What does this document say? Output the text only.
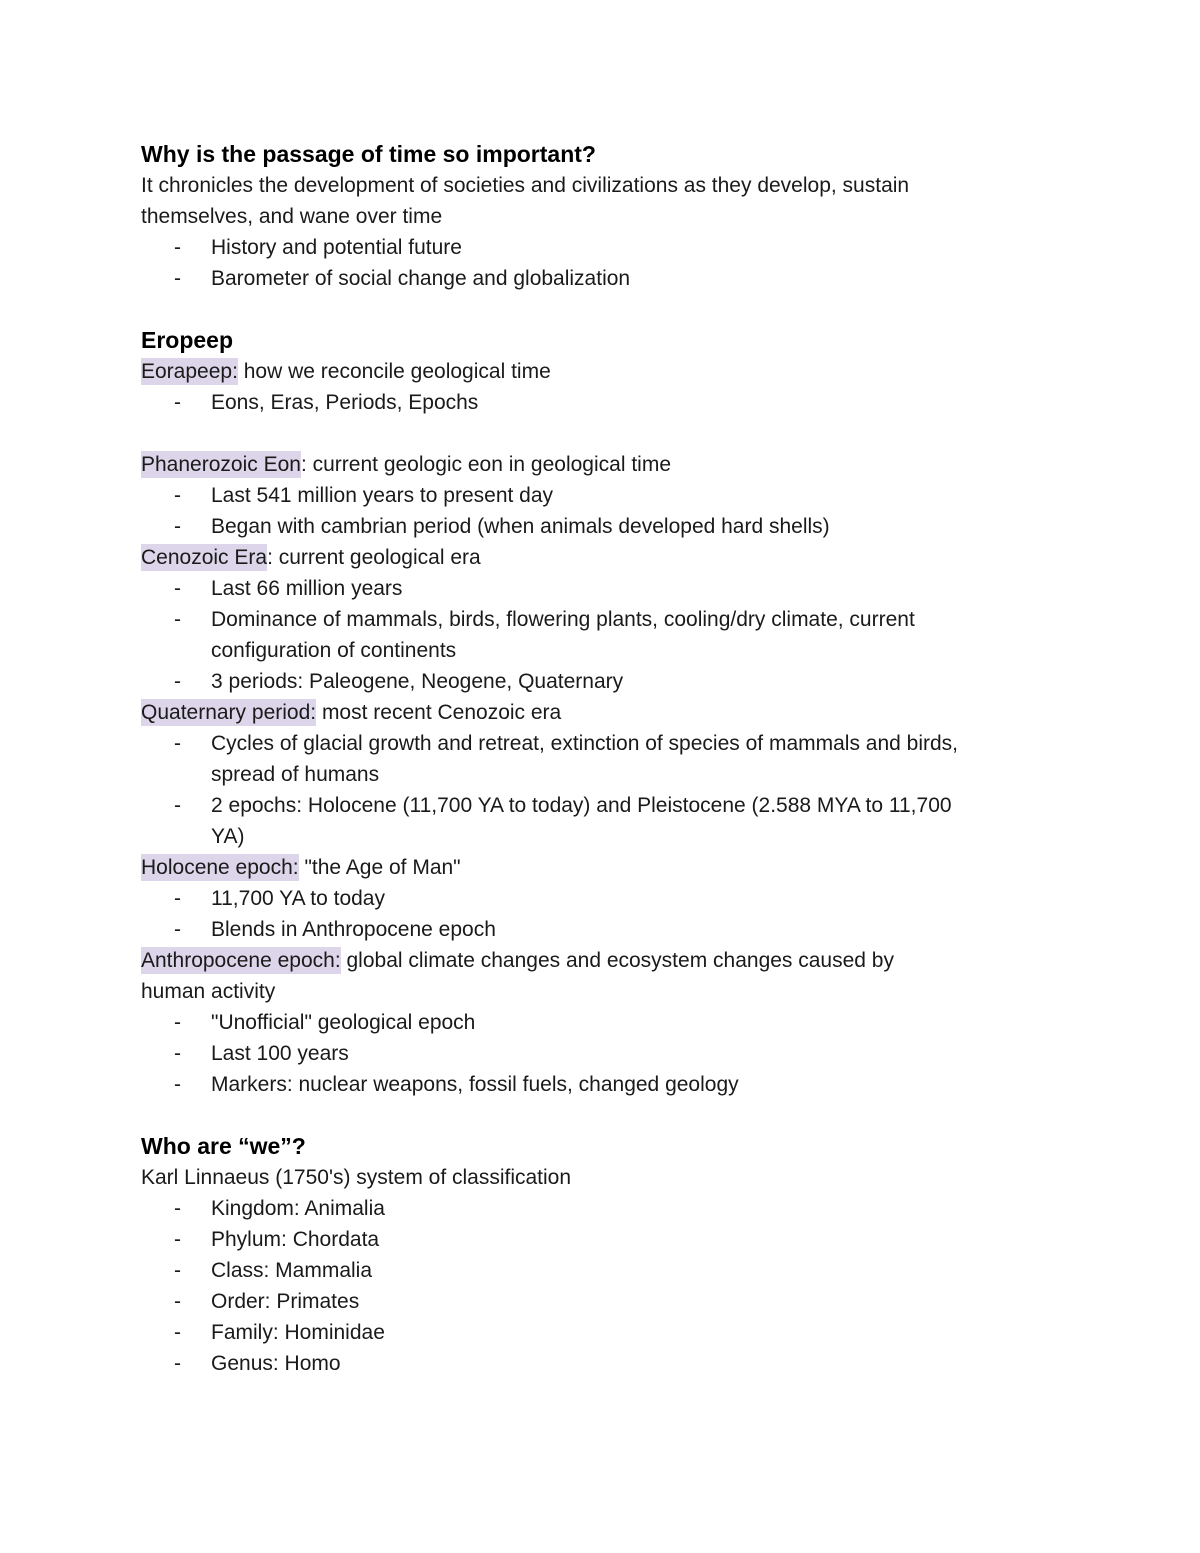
Why is the passage of time so important?
It chronicles the development of societies and civilizations as they develop, sustain
themselves, and wane over time
- History and potential future
- Barometer of social change and globalization
Eropeep
Eorapeep: how we reconcile geological time
- Eons, Eras, Periods, Epochs
Phanerozoic Eon: current geologic eon in geological time
- Last 541 million years to present day
- Began with cambrian period (when animals developed hard shells)
Cenozoic Era: current geological era
- Last 66 million years
- Dominance of mammals, birds, flowering plants, cooling/dry climate, current
configuration of continents
- 3 periods: Paleogene, Neogene, Quaternary
Quaternary period: most recent Cenozoic era
- Cycles of glacial growth and retreat, extinction of species of mammals and birds,
spread of humans
- 2 epochs: Holocene (11,700 YA to today) and Pleistocene (2.588 MYA to 11,700
YA)
Holocene epoch: "the Age of Man"
- 11,700 YA to today
- Blends in Anthropocene epoch
Anthropocene epoch: global climate changes and ecosystem changes caused by
human activity
- "Unofficial" geological epoch
- Last 100 years
- Markers: nuclear weapons, fossil fuels, changed geology
Who are “we”?
Karl Linnaeus (1750's) system of classification
- Kingdom: Animalia
- Phylum: Chordata
- Class: Mammalia
- Order: Primates
- Family: Hominidae
- Genus: Homo
